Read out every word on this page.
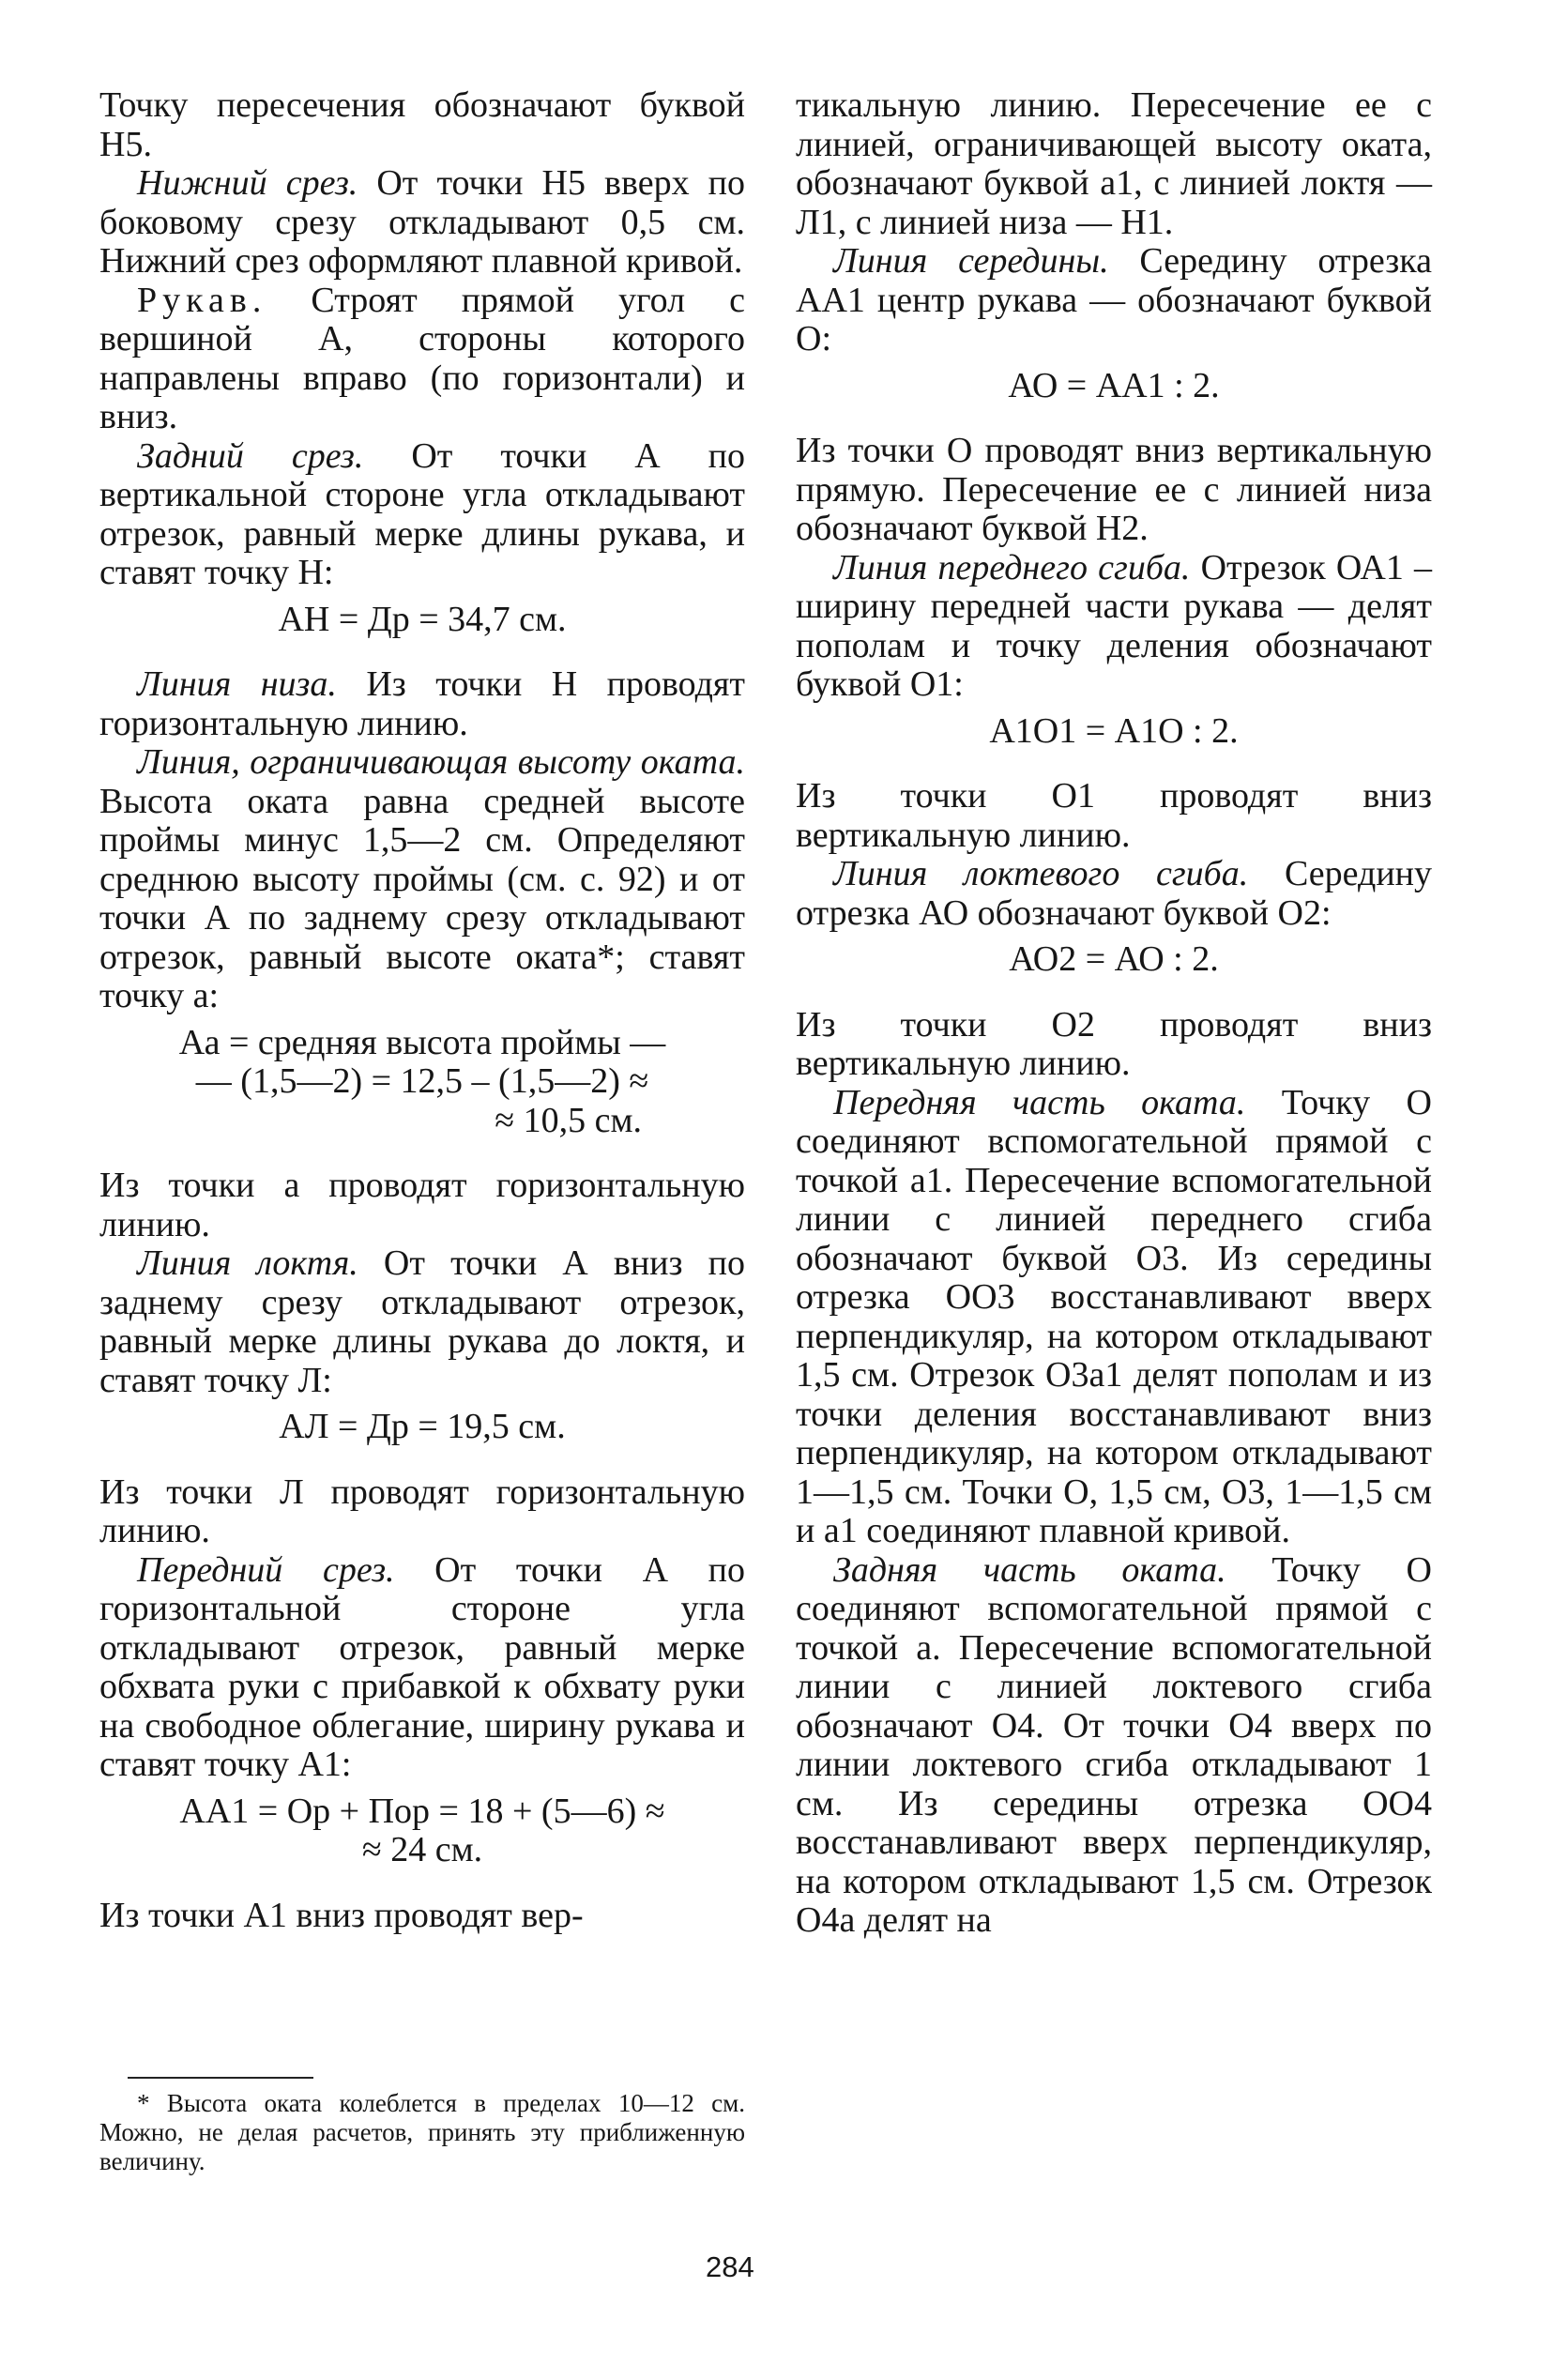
Точку пересечения обозначают буквой Н5.

Нижний срез. От точки Н5 вверх по боковому срезу откладывают 0,5 см. Нижний срез оформляют плавной кривой.

Рукав. Строят прямой угол с вершиной А, стороны которого направлены вправо (по горизонтали) и вниз.

Задний срез. От точки А по вертикальной стороне угла откладывают отрезок, равный мерке длины рукава, и ставят точку Н:

АН = Др = 34,7 см.

Линия низа. Из точки Н проводят горизонтальную линию.

Линия, ограничивающая высоту оката. Высота оката равна средней высоте проймы минус 1,5—2 см. Определяют среднюю высоту проймы (см. с. 92) и от точки А по заднему срезу откладывают отрезок, равный высоте оката*; ставят точку а:

Аа = средняя высота проймы —

— (1,5—2) = 12,5 – (1,5—2) ≈

≈ 10,5 см.

Из точки а проводят горизонтальную линию.

Линия локтя. От точки А вниз по заднему срезу откладывают отрезок, равный мерке длины рукава до локтя, и ставят точку Л:

АЛ = Др = 19,5 см.

Из точки Л проводят горизонтальную линию.

Передний срез. От точки А по горизонтальной стороне угла откладывают отрезок, равный мерке обхвата руки с прибавкой к обхвату руки на свободное облегание, ширину рукава и ставят точку А1:

АА1 = Ор + Пор = 18 + (5—6) ≈

≈ 24 см.

Из точки А1 вниз проводят вер-

тикальную линию. Пересечение ее с линией, ограничивающей высоту оката, обозначают буквой а1, с линией локтя — Л1, с линией низа — Н1.

Линия середины. Середину отрезка АА1 центр рукава — обозначают буквой О:

АО = АА1 : 2.

Из точки О проводят вниз вертикальную прямую. Пересечение ее с линией низа обозначают буквой Н2.

Линия переднего сгиба. Отрезок ОА1 – ширину передней части рукава — делят пополам и точку деления обозначают буквой О1:

А1О1 = А1О : 2.

Из точки О1 проводят вниз вертикальную линию.

Линия локтевого сгиба. Середину отрезка АО обозначают буквой О2:

АО2 = АО : 2.

Из точки О2 проводят вниз вертикальную линию.

Передняя часть оката. Точку О соединяют вспомогательной прямой с точкой а1. Пересечение вспомогательной линии с линией переднего сгиба обозначают буквой О3. Из середины отрезка ОО3 восстанавливают вверх перпендикуляр, на котором откладывают 1,5 см. Отрезок О3а1 делят пополам и из точки деления восстанавливают вниз перпендикуляр, на котором откладывают 1—1,5 см. Точки О, 1,5 см, О3, 1—1,5 см и а1 соединяют плавной кривой.

Задняя часть оката. Точку О соединяют вспомогательной прямой с точкой а. Пересечение вспомогательной линии с линией локтевого сгиба обозначают О4. От точки О4 вверх по линии локтевого сгиба откладывают 1 см. Из середины отрезка ОО4 восстанавливают вверх перпендикуляр, на котором откладывают 1,5 см. Отрезок О4а делят на

* Высота оката колеблется в пределах 10—12 см. Можно, не делая расчетов, принять эту приближенную величину.
284
